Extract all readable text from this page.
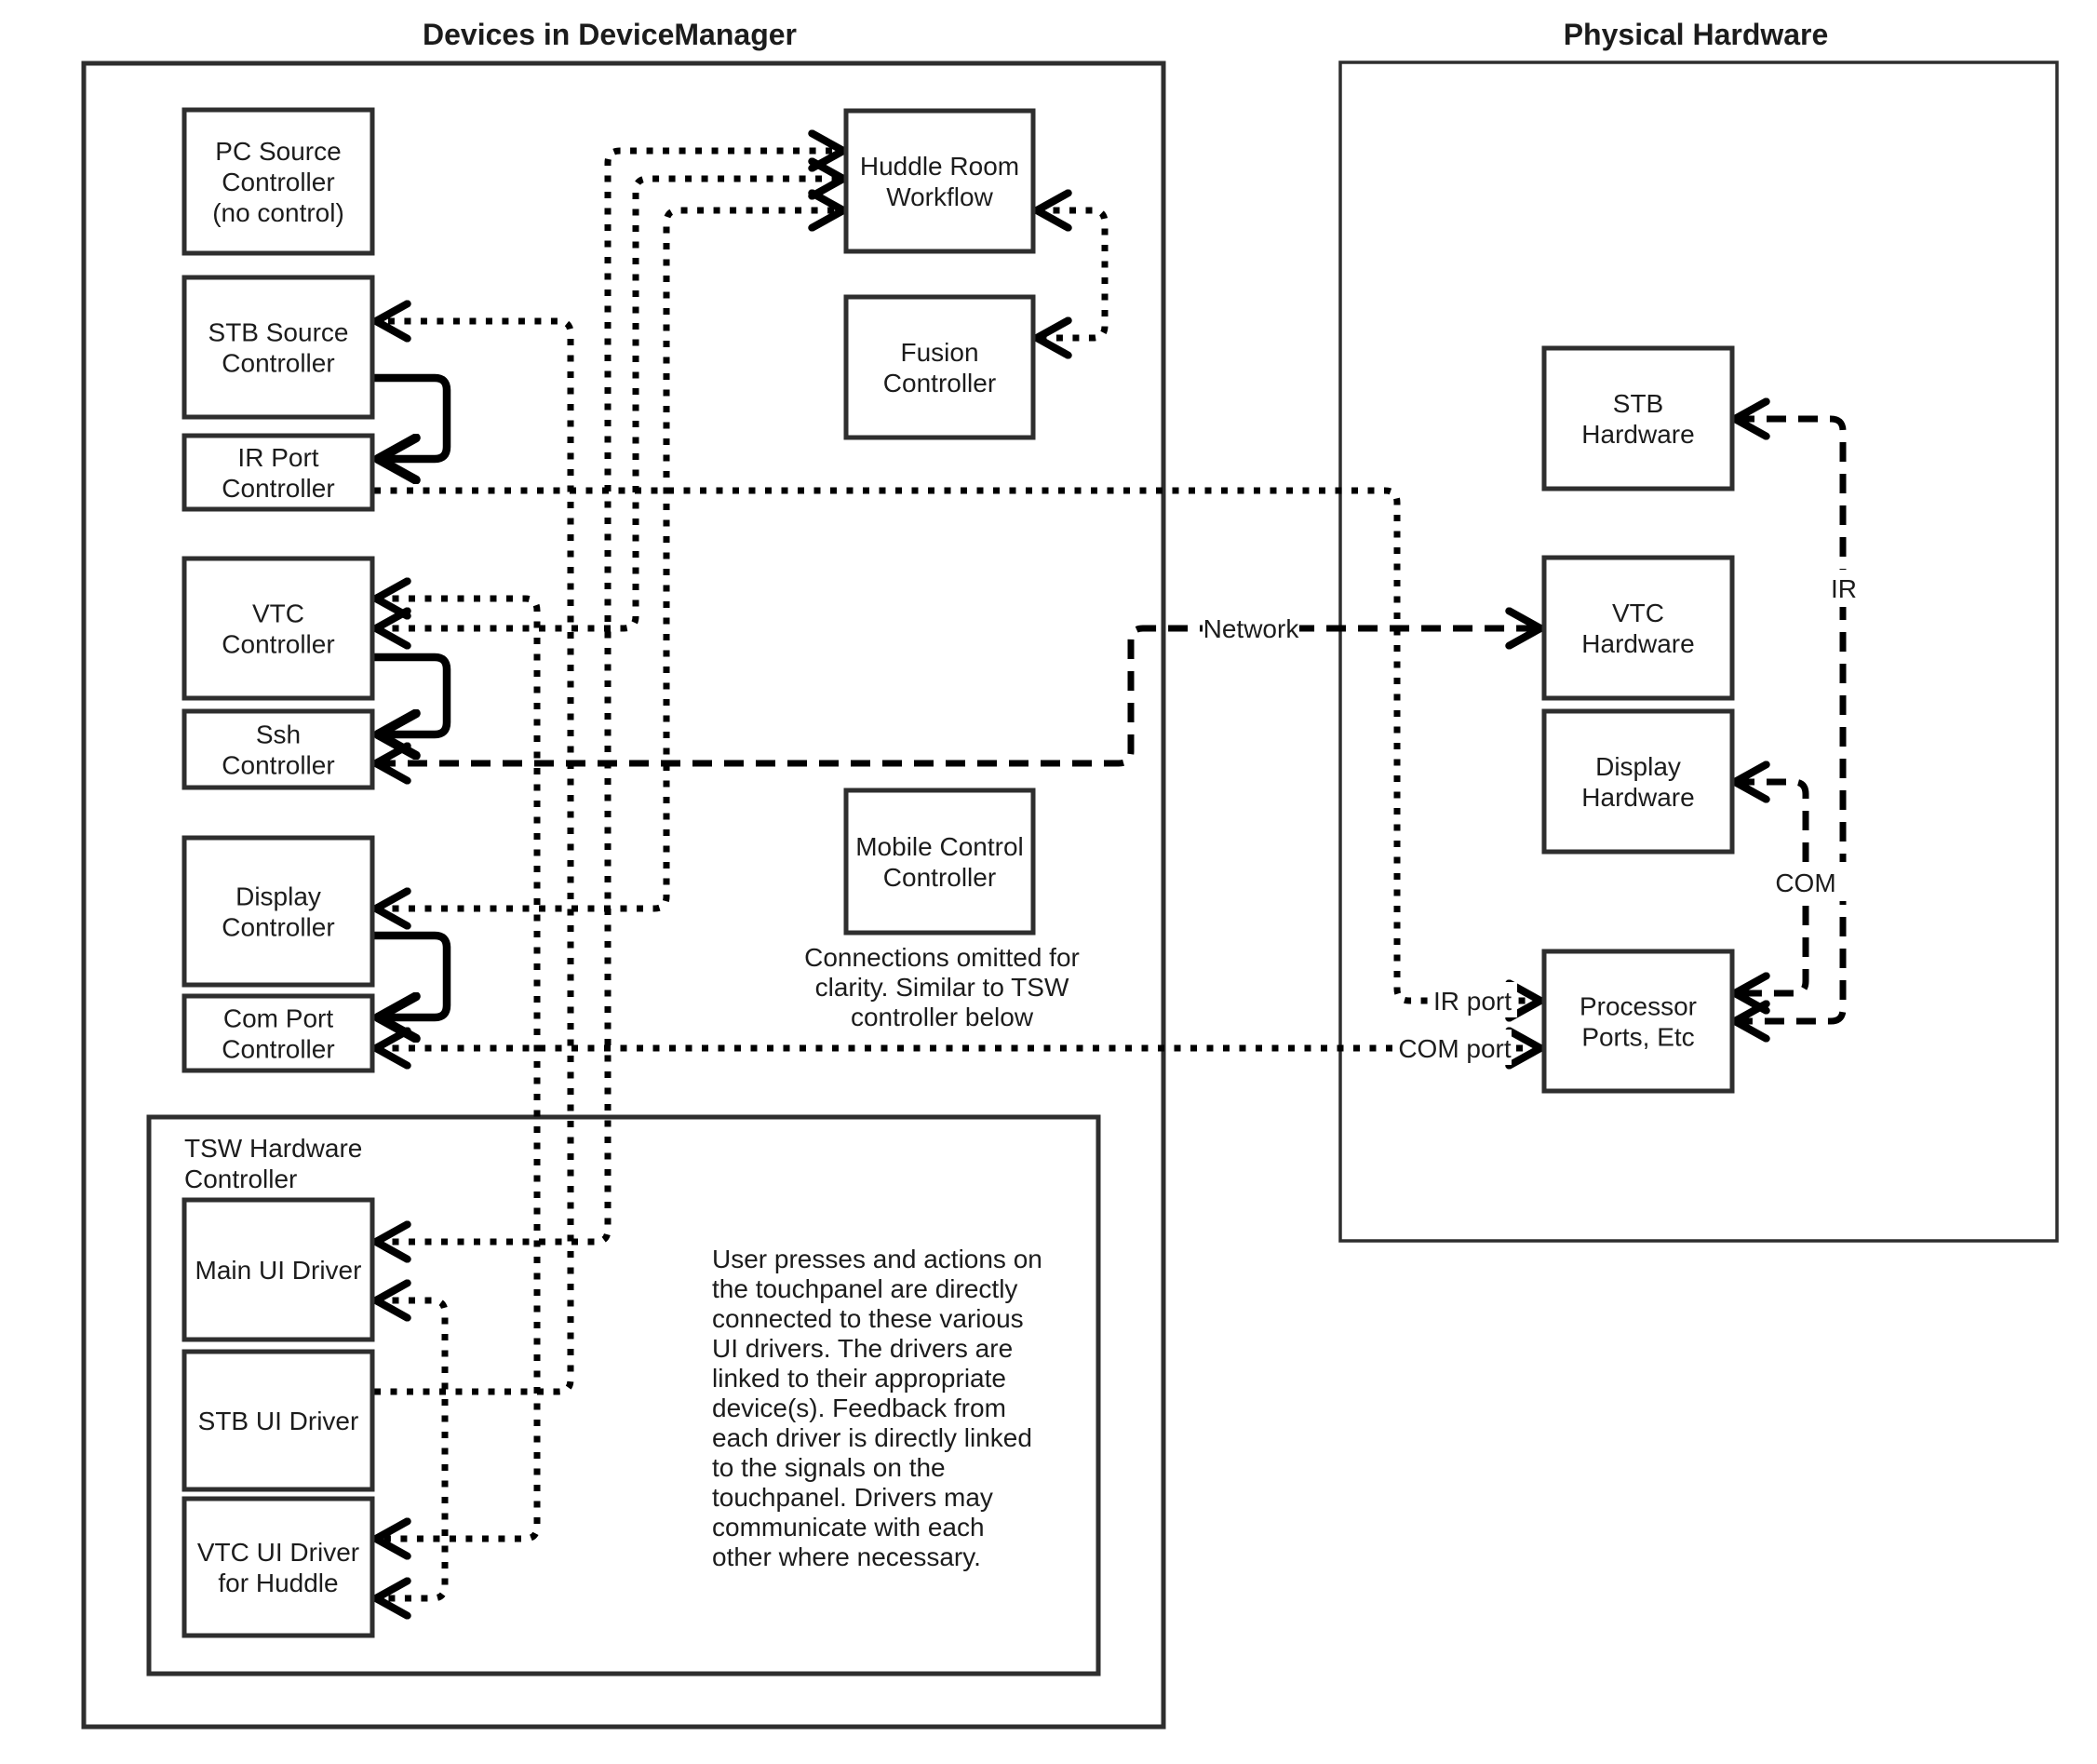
PC Source
Controller
(no control)
STB Source
Controller
IR Port
Controller
VTC
Controller
Ssh
Controller
Display
Controller
Com Port
Controller
Main UI Driver
STB UI Driver
VTC UI Driver
for Huddle
Huddle Room
Workflow
Fusion
Controller
Mobile Control
Controller
STB
Hardware
VTC
Hardware
Display
Hardware
Processor
Ports, Etc
Devices in DeviceManager	Physical Hardware
TSW Hardware
Controller
Connections omitted for
clarity. Similar to TSW
controller below
User presses and actions on
the touchpanel are directly
connected to these various
UI drivers. The drivers are
linked to their appropriate
device(s). Feedback from
each driver is directly linked
to the signals on the
touchpanel. Drivers may
communicate with each
other where necessary.
Network
IR
COM
IR port
COM port
